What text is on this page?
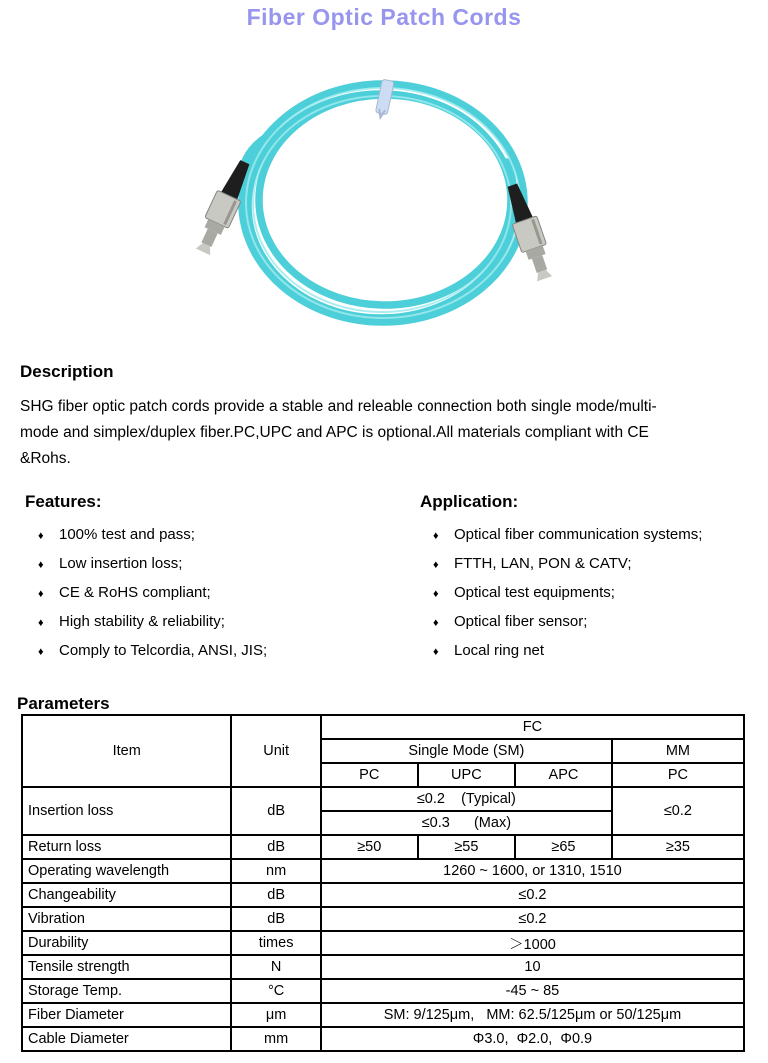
Fiber Optic Patch Cords
Description
SHG fiber optic patch cords provide a stable and releable connection both single mode/multi-
mode and simplex/duplex fiber.PC,UPC and APC is optional.All materials compliant with CE
&Rohs.
Features:
♦	100% test and pass;
♦	Low insertion loss;
♦	CE & RoHS compliant;
♦	High stability & reliability;
♦	Comply to Telcordia, ANSI, JIS;
Application:
♦	Optical fiber communication systems;
♦	FTTH, LAN, PON & CATV;
♦	Optical test equipments;
♦	Optical fiber sensor;
♦	Local ring net
Parameters
Item	Unit	FC			
		Single Mode (SM)			MM
		PC	UPC	APC	PC
Insertion loss	dB	≤0.2    (Typical)			≤0.2
		≤0.3      (Max)			
Return loss	dB	≥50	≥55	≥65	≥35
Operating wavelength	nm	1260 ~ 1600, or 1310, 1510			
Changeability	dB	≤0.2			
Vibration	dB	≤0.2			
Durability	times	＞1000			
Tensile strength	N	10			
Storage Temp.	°C	-45 ~ 85			
Fiber Diameter	μm	SM: 9/125μm,   MM: 62.5/125μm or 50/125μm			
Cable Diameter	mm	Φ3.0,  Φ2.0,  Φ0.9			
